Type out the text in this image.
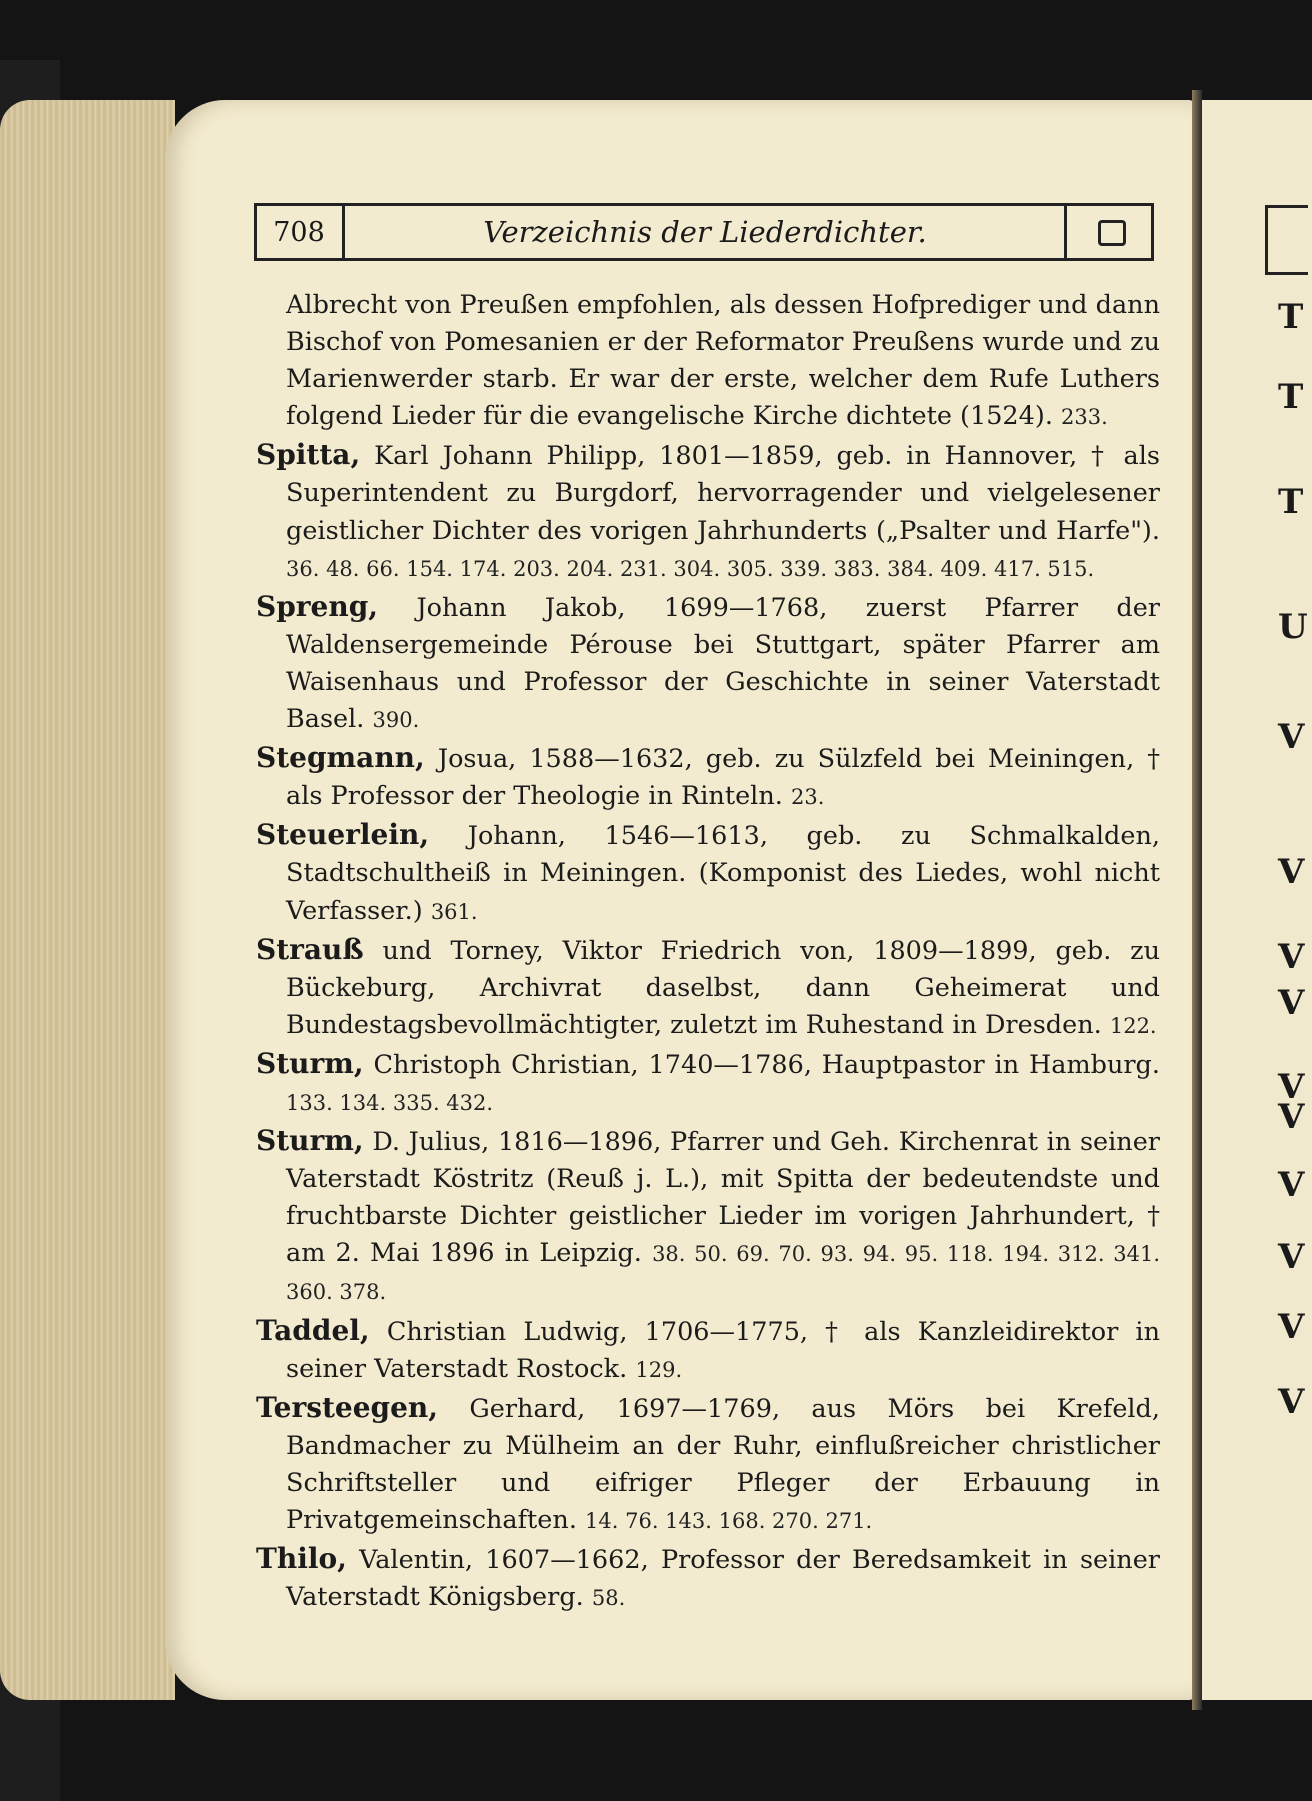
T
T
T
U
V
V
V
V
V
V
V
V
V
V
708	Verzeichnis der Liederdichter.

Albrecht von Preußen empfohlen, als dessen Hofprediger und dann Bischof von Pomesanien er der Reformator Preußens wurde und zu Marienwerder starb. Er war der erste, welcher dem Rufe Luthers folgend Lieder für die evangelische Kirche dichtete (1524). 233.

Spitta, Karl Johann Philipp, 1801—1859, geb. in Hannover, † als Superintendent zu Burgdorf, hervorragender und vielgelesener geistlicher Dichter des vorigen Jahrhunderts („Psalter und Harfe"). 36. 48. 66. 154. 174. 203. 204. 231. 304. 305. 339. 383. 384. 409. 417. 515.

Spreng, Johann Jakob, 1699—1768, zuerst Pfarrer der Waldensergemeinde Pérouse bei Stuttgart, später Pfarrer am Waisenhaus und Professor der Geschichte in seiner Vaterstadt Basel. 390.

Stegmann, Josua, 1588—1632, geb. zu Sülzfeld bei Meiningen, † als Professor der Theologie in Rinteln. 23.

Steuerlein, Johann, 1546—1613, geb. zu Schmalkalden, Stadtschultheiß in Meiningen. (Komponist des Liedes, wohl nicht Verfasser.) 361.

Strauß und Torney, Viktor Friedrich von, 1809—1899, geb. zu Bückeburg, Archivrat daselbst, dann Geheimerat und Bundestagsbevollmächtigter, zuletzt im Ruhestand in Dresden. 122.

Sturm, Christoph Christian, 1740—1786, Hauptpastor in Hamburg. 133. 134. 335. 432.

Sturm, D. Julius, 1816—1896, Pfarrer und Geh. Kirchenrat in seiner Vaterstadt Köstritz (Reuß j. L.), mit Spitta der bedeutendste und fruchtbarste Dichter geistlicher Lieder im vorigen Jahrhundert, † am 2. Mai 1896 in Leipzig. 38. 50. 69. 70. 93. 94. 95. 118. 194. 312. 341. 360. 378.

Taddel, Christian Ludwig, 1706—1775, † als Kanzleidirektor in seiner Vaterstadt Rostock. 129.

Tersteegen, Gerhard, 1697—1769, aus Mörs bei Krefeld, Bandmacher zu Mülheim an der Ruhr, einflußreicher christlicher Schriftsteller und eifriger Pfleger der Erbauung in Privatgemeinschaften. 14. 76. 143. 168. 270. 271.

Thilo, Valentin, 1607—1662, Professor der Beredsamkeit in seiner Vaterstadt Königsberg. 58.
